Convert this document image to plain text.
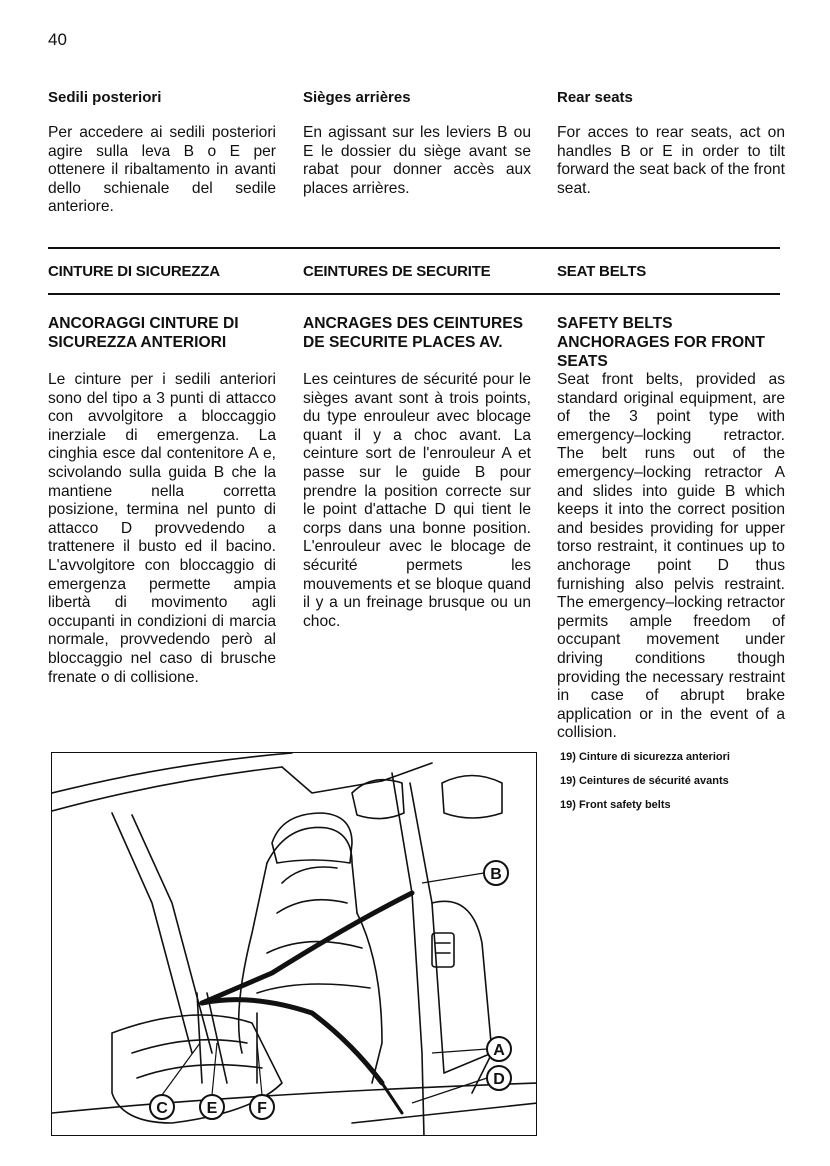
40
Sedili posteriori	Sièges arrières	Rear seats
Per accedere ai sedili posteriori agire sulla leva B o E per ottenere il ribaltamento in avanti dello schienale del sedile anteriore.
En agissant sur les leviers B ou E le dossier du siège avant se rabat pour donner accès aux places arrières.
For acces to rear seats, act on handles B or E in order to tilt forward the seat back of the front seat.
CINTURE DI SICUREZZA	CEINTURES DE SECURITE	SEAT BELTS
ANCORAGGI CINTURE DI SICUREZZA ANTERIORI
ANCRAGES DES CEINTURES DE SECURITE PLACES AV.
SAFETY BELTS ANCHORAGES FOR FRONT SEATS
Le cinture per i sedili anteriori sono del tipo a 3 punti di attacco con avvolgitore a bloccaggio inerziale di emergenza. La cinghia esce dal contenitore A e, scivolando sulla guida B che la mantiene nella corretta posizione, termina nel punto di attacco D provvedendo a trattenere il busto ed il bacino. L'avvolgitore con bloccaggio di emergenza permette ampia libertà di movimento agli occupanti in condizioni di marcia normale, provvedendo però al bloccaggio nel caso di brusche frenate o di collisione.
Les ceintures de sécurité pour le sièges avant sont à trois points, du type enrouleur avec blocage quant il y a choc avant. La ceinture sort de l'enrouleur A et passe sur le guide B pour prendre la position correcte sur le point d'attache D qui tient le corps dans una bonne position. L'enrouleur avec le blocage de sécurité permets les mouvements et se bloque quand il y a un freinage brusque ou un choc.
Seat front belts, provided as standard original equipment, are of the 3 point type with emergency–locking retractor. The belt runs out of the emergency–locking retractor A and slides into guide B which keeps it into the correct position and besides providing for upper torso restraint, it continues up to anchorage point D thus furnishing also pelvis restraint. The emergency–locking retractor permits ample freedom of occupant movement under driving conditions though providing the necessary restraint in case of abrupt brake application or in the event of a collision.
19) Cinture di sicurezza anteriori
19) Ceintures de sécurité avants
19) Front safety belts
B
A
D
C E F
